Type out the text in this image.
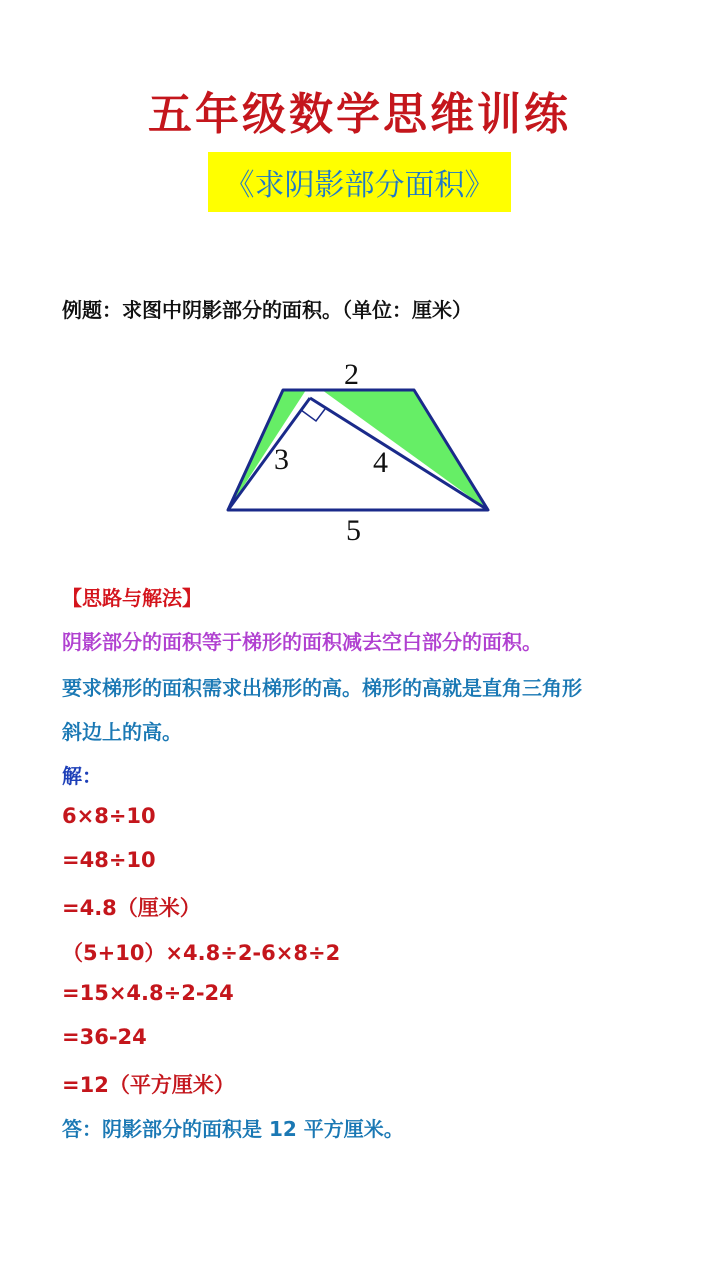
五年级数学思维训练
《求阴影部分面积》
例题：求图中阴影部分的面积。（单位：厘米）
2
3	4
5
【思路与解法】
阴影部分的面积等于梯形的面积减去空白部分的面积。
要求梯形的面积需求出梯形的高。梯形的高就是直角三角形
斜边上的高。
解：
6×8÷10
=48÷10
=4.8（厘米）
（5+10）×4.8÷2-6×8÷2
=15×4.8÷2-24
=36-24
=12（平方厘米）
答：阴影部分的面积是 12 平方厘米。
